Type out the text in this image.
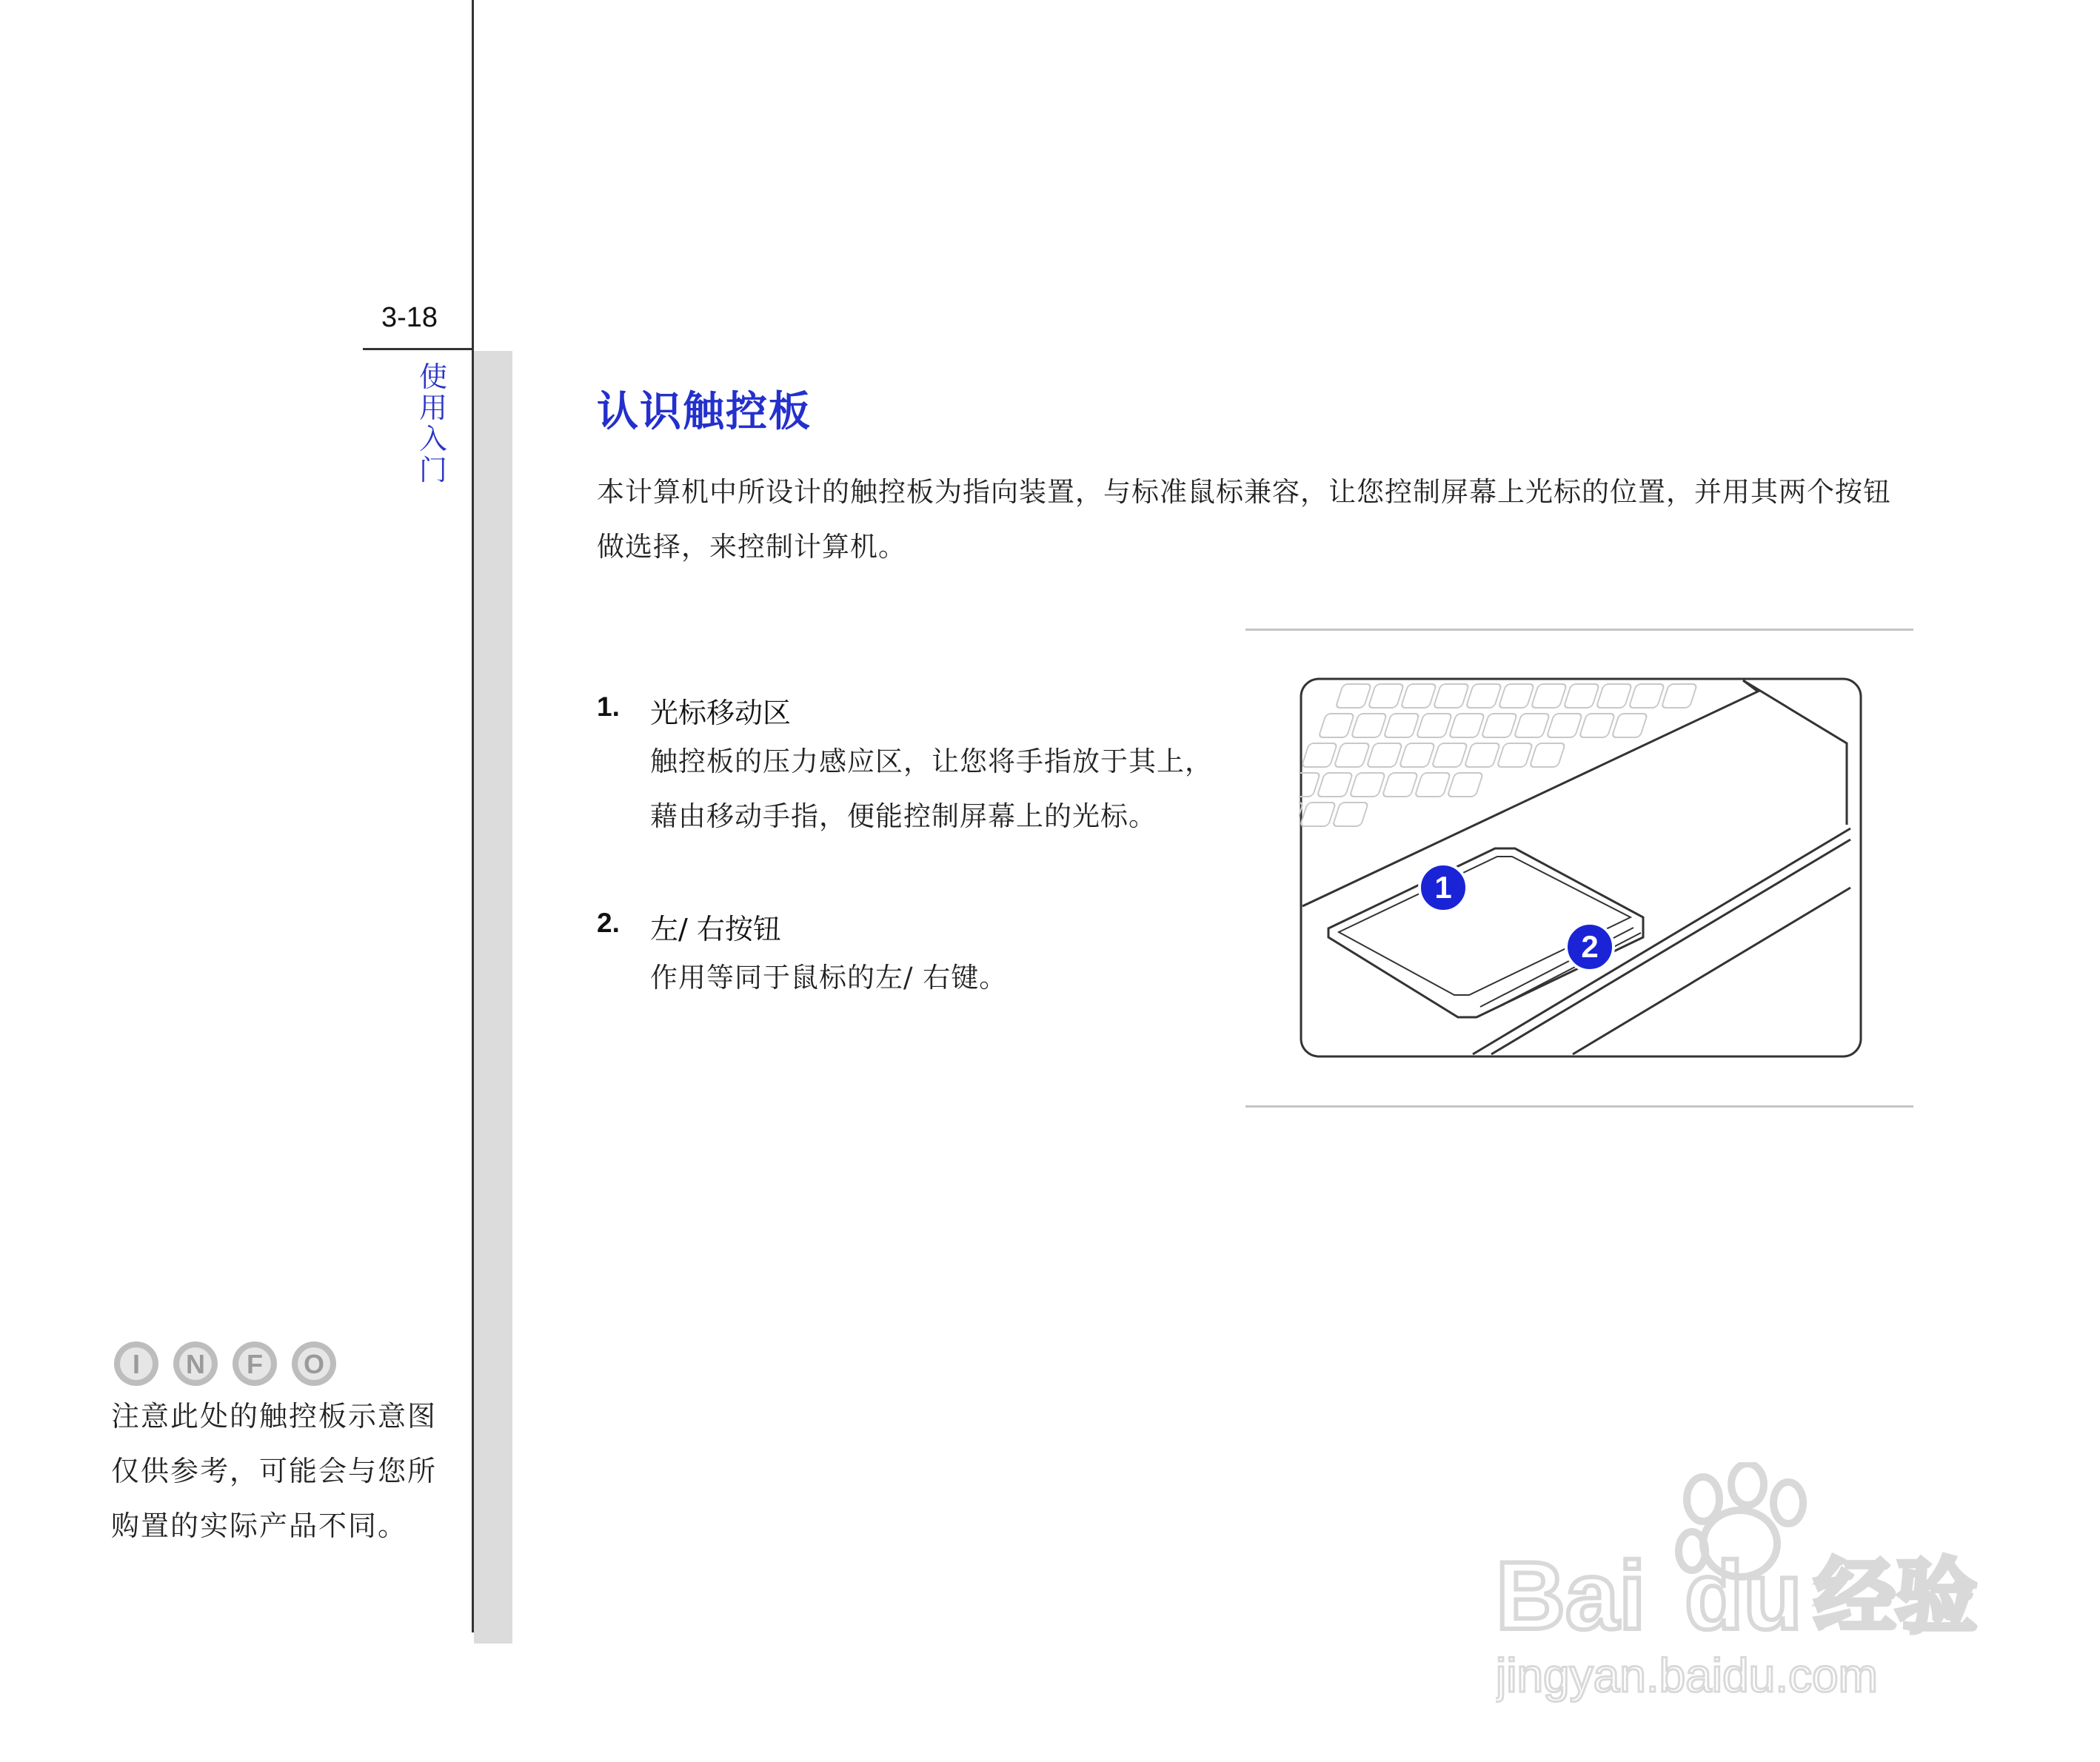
3-18
使用入门
认识触控板
本计算机中所设计的触控板为指向装置，与标准鼠标兼容，让您控制屏幕上光标的位置，并用其两个按钮做选择，来控制计算机。
1. 光标移动区
触控板的压力感应区，让您将手指放于其上，藉由移动手指，便能控制屏幕上的光标。
2. 左/ 右按钮
作用等同于鼠标的左/ 右键。
1
2
I N F O
注意此处的触控板示意图仅供参考，可能会与您所购置的实际产品不同。
Bai du 经验
jingyan.baidu.com
